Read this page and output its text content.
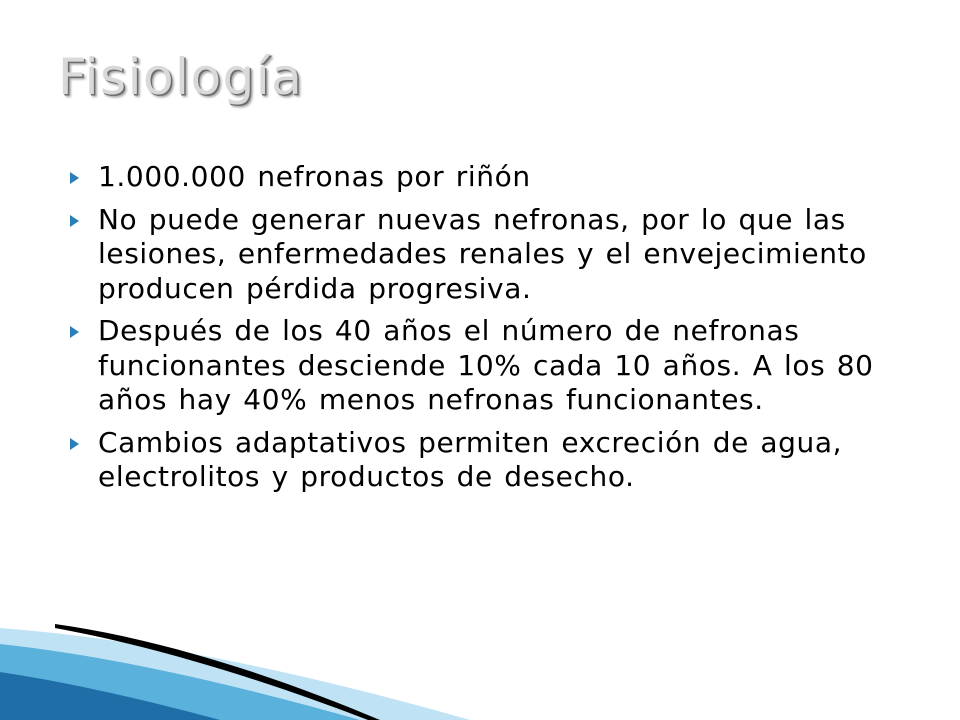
Fisiología
1.000.000 nefronas por riñón
No puede generar nuevas nefronas, por lo que las lesiones, enfermedades renales y el envejecimiento producen pérdida progresiva.
Después de los 40 años el número de nefronas funcionantes desciende 10% cada 10 años. A los 80 años hay 40% menos nefronas funcionantes.
Cambios adaptativos permiten excreción de agua, electrolitos y productos de desecho.
